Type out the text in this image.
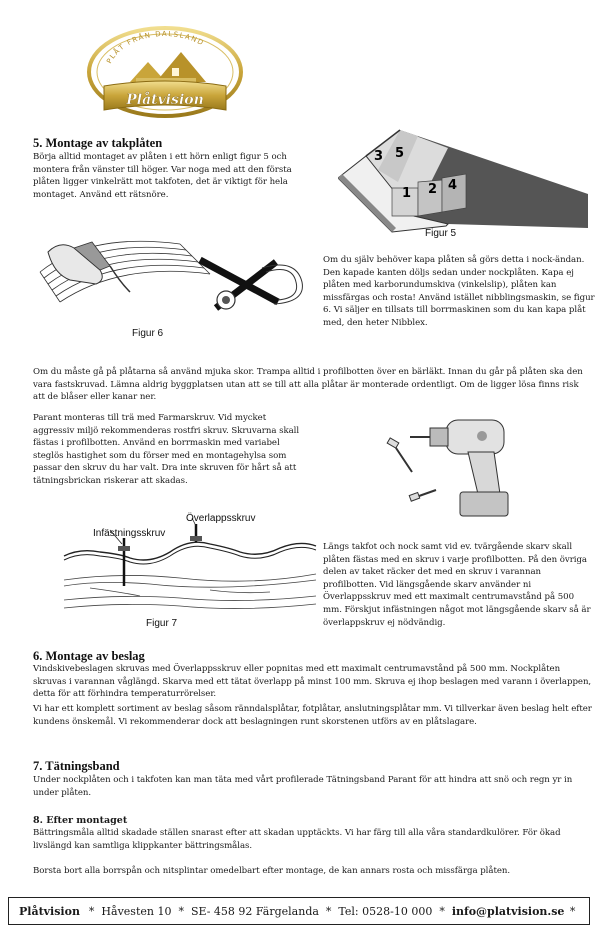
PLÅT FRÅN DALSLAND
Plåtvision
5. Montage av takplåten
Börja alltid montaget av plåten i ett hörn enligt figur 5 och montera från vänster till höger. Var noga med att den första plåten ligger vinkelrätt mot takfoten, det är viktigt för hela montaget. Använd ett rätsnöre.
3 5
1 2 4
Figur 5
Figur 6
Om du själv behöver kapa plåten så görs detta i nock-ändan. Den kapade kanten döljs sedan under nockplåten. Kapa ej plåten med karborundumskiva (vinkelslip), plåten kan missfärgas och rosta! Använd istället nibblingsmaskin, se figur 6. Vi säljer en tillsats till borrmaskinen som du kan kapa plåt med, den heter Nibblex.
Om du måste gå på plåtarna så använd mjuka skor. Trampa alltid i profilbotten över en bärläkt. Innan du går på plåten ska den vara fastskruvad. Lämna aldrig byggplatsen utan att se till att alla plåtar är monterade ordentligt. Om de ligger lösa finns risk att de blåser eller kanar ner.
Parant monteras till trä med Farmarskruv. Vid mycket aggressiv miljö rekommenderas rostfri skruv. Skruvarna skall fästas i profilbotten. Använd en borrmaskin med variabel steglös hastighet som du förser med en montagehylsa som passar den skruv du har valt. Dra inte skruven för hårt så att tätningsbrickan riskerar att skadas.
Infästningsskruv
Överlappsskruv
Figur 7
Längs takfot och nock samt vid ev. tvärgående skarv skall plåten fästas med en skruv i varje profilbotten. På den övriga delen av taket räcker det med en skruv i varannan profilbotten. Vid längsgående skarv använder ni Överlappsskruv med ett maximalt centrumavstånd på 500 mm. Förskjut infästningen något mot längsgående skarv så är överlappskruv ej nödvändig.
6. Montage av beslag
Vindskivebeslagen skruvas med Överlappsskruv eller popnitas med ett maximalt centrumavstånd på 500 mm. Nockplåten skruvas i varannan våglängd. Skarva med ett tätat överlapp på minst 100 mm. Skruva ej ihop beslagen med varann i överlappen, detta för att förhindra temperaturrörelser.
Vi har ett komplett sortiment av beslag såsom ränndalsplåtar, fotplåtar, anslutningsplåtar mm. Vi tillverkar även beslag helt efter kundens önskemål. Vi rekommenderar dock att beslagningen runt skorstenen utförs av en plåtslagare.
7. Tätningsband
Under nockplåten och i takfoten kan man täta med vårt profilerade Tätningsband Parant för att hindra att snö och regn yr in under plåten.
8. Efter montaget
Bättringsmåla alltid skadade ställen snarast efter att skadan upptäckts. Vi har färg till alla våra standardkulörer. För ökad livslängd kan samtliga klippkanter bättringsmålas.
Borsta bort alla borrspån och nitsplintar omedelbart efter montage, de kan annars rosta och missfärga plåten.
Plåtvision *  Håvesten 10  *  SE- 458 92 Färgelanda  *  Tel: 0528-10 000  * info@platvision.se *
